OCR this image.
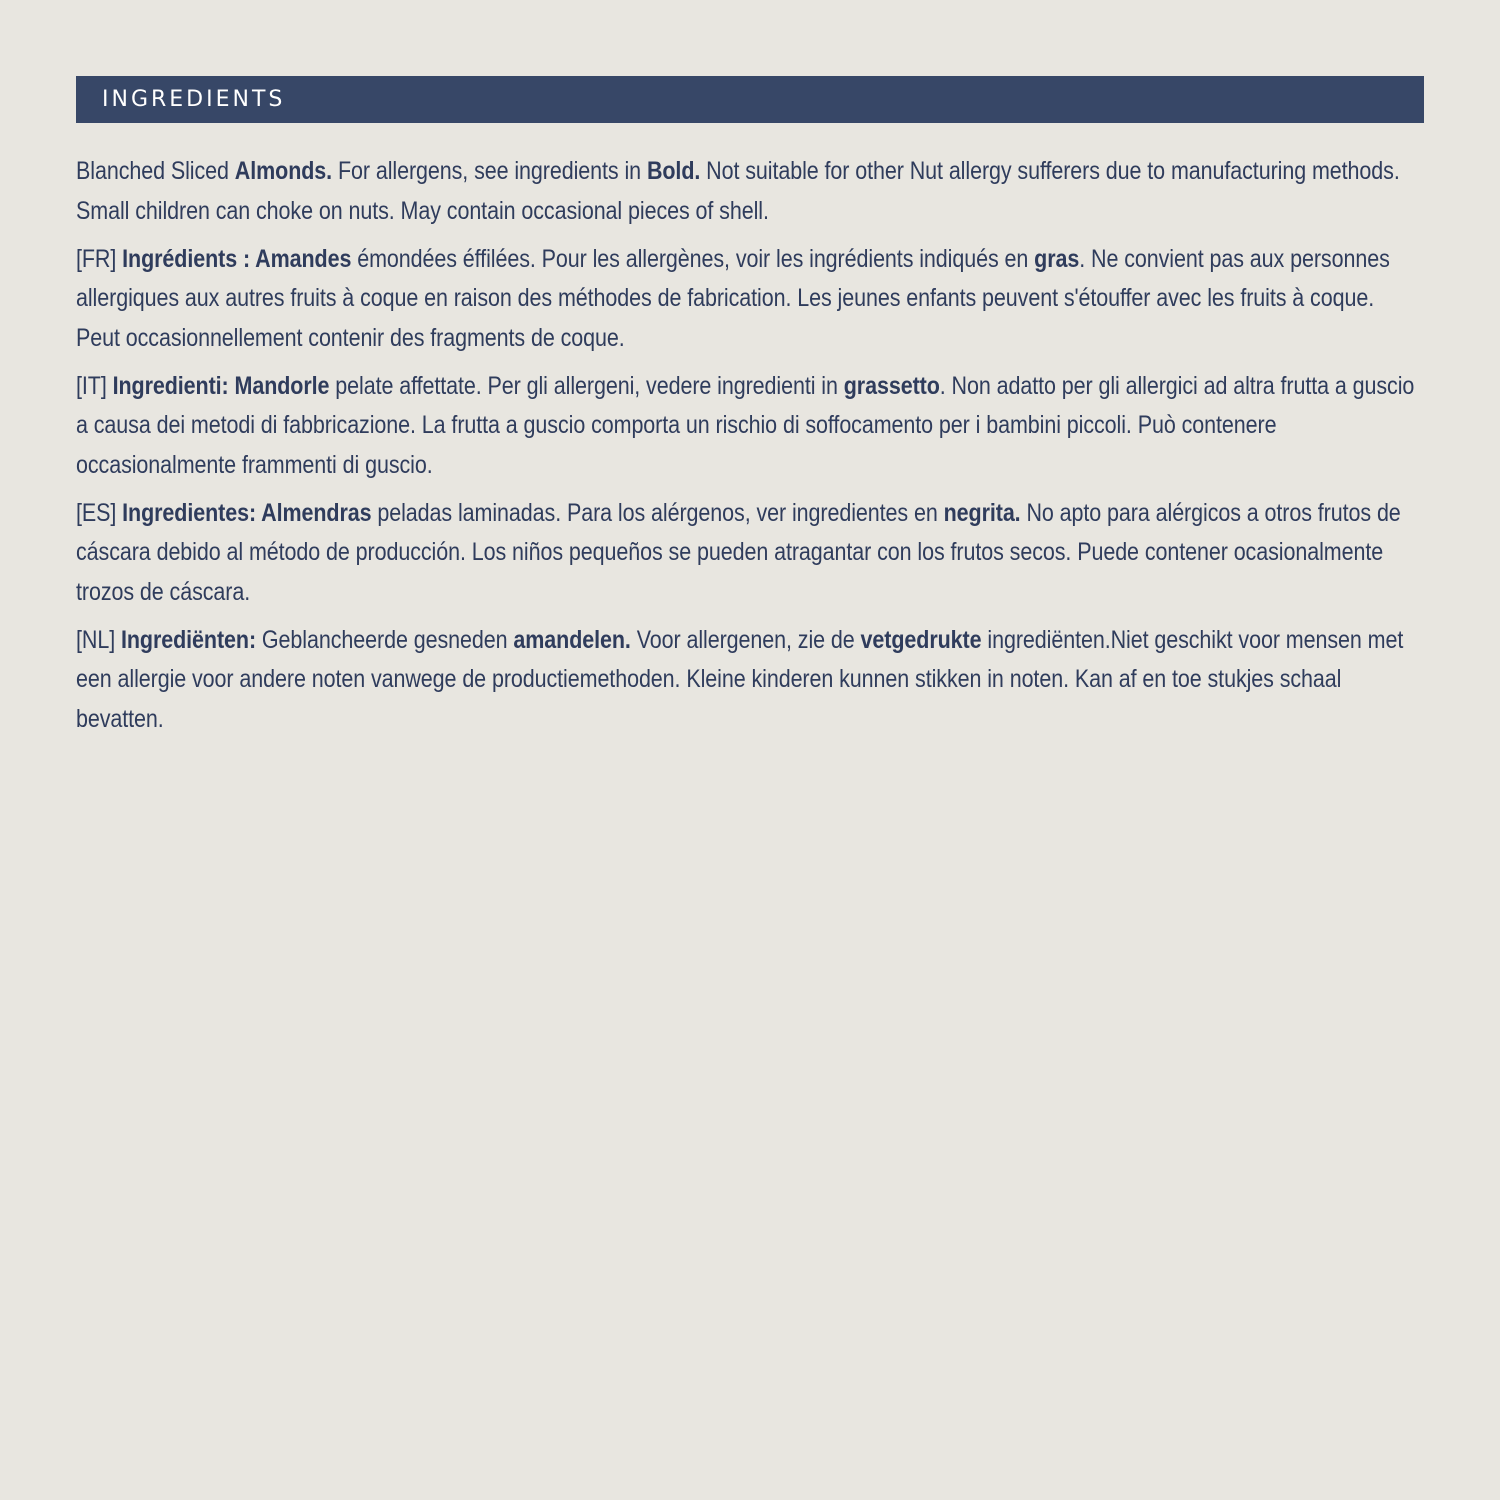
INGREDIENTS

Blanched Sliced Almonds. For allergens, see ingredients in Bold. Not suitable for other Nut allergy sufferers due to manufacturing methods. Small children can choke on nuts. May contain occasional pieces of shell.

[FR] Ingrédients : Amandes émondées éffilées. Pour les allergènes, voir les ingrédients indiqués en gras. Ne convient pas aux personnes allergiques aux autres fruits à coque en raison des méthodes de fabrication. Les jeunes enfants peuvent s'étouffer avec les fruits à coque. Peut occasionnellement contenir des fragments de coque.

[IT] Ingredienti: Mandorle pelate affettate. Per gli allergeni, vedere ingredienti in grassetto. Non adatto per gli allergici ad altra frutta a guscio a causa dei metodi di fabbricazione. La frutta a guscio comporta un rischio di soffocamento per i bambini piccoli. Può contenere occasionalmente frammenti di guscio.

[ES] Ingredientes: Almendras peladas laminadas. Para los alérgenos, ver ingredientes en negrita. No apto para alérgicos a otros frutos de cáscara debido al método de producción. Los niños pequeños se pueden atragantar con los frutos secos. Puede contener ocasionalmente trozos de cáscara.

[NL] Ingrediënten: Geblancheerde gesneden amandelen. Voor allergenen, zie de vetgedrukte ingrediënten.Niet geschikt voor mensen met een allergie voor andere noten vanwege de productiemethoden. Kleine kinderen kunnen stikken in noten. Kan af en toe stukjes schaal bevatten.
